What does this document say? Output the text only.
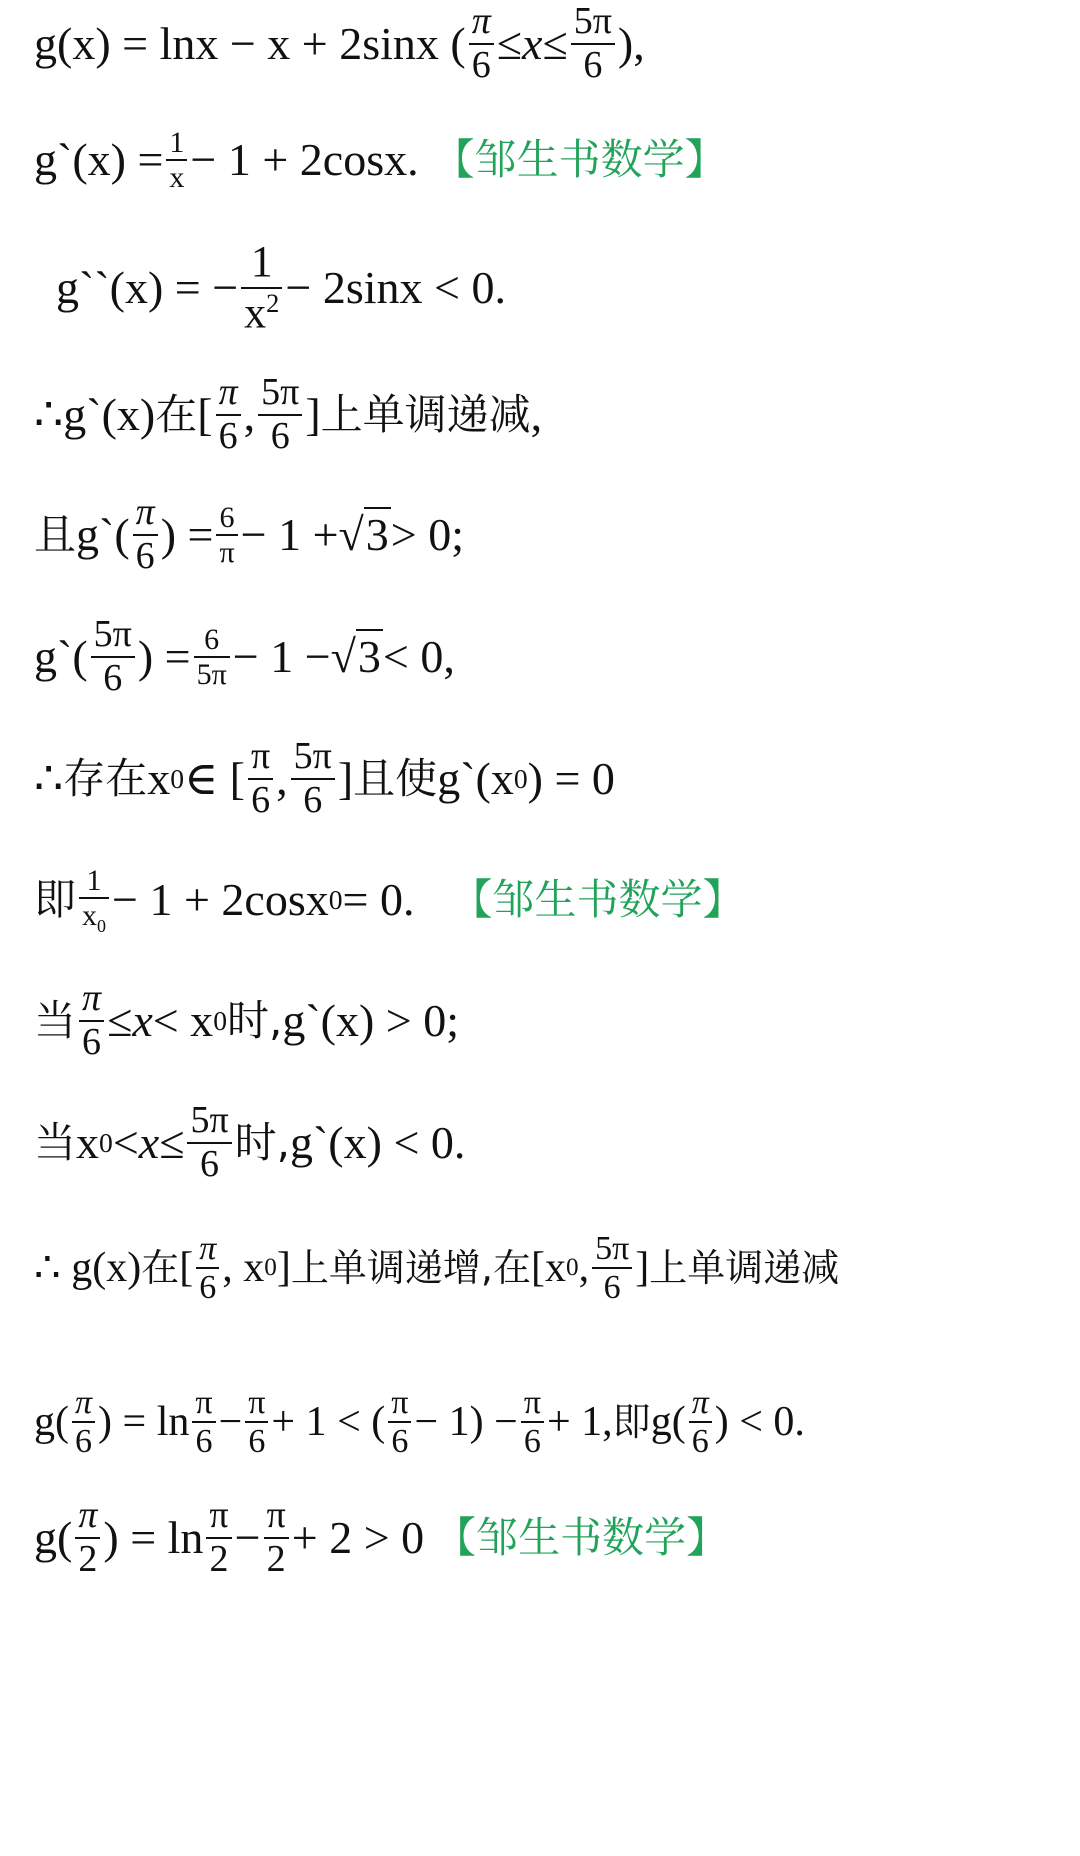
g(x) = lnx − x + 2sinx ( $\frac{\pi}{6} \le x \le \frac{5\pi}{6}$ ),
g`(x) = $\frac{1}{x} - 1 + 2\cos x$. 【邹生书数学】
g``(x) = − $\frac{1}{x^2} - 2\sin x < 0$.
∴g`(x) 在 [ $\frac{\pi}{6}$ , $\frac{5\pi}{6}$ ] 上单调递减 ,
且 g`( $\frac{\pi}{6}$ ) = $\frac{6}{\pi} - 1 + √3 > 0$;
g`( $\frac{5\pi}{6}$ ) = $\frac{6}{5\pi} - 1 - √3 < 0$,
∴ 存在 x 0 ∈ [ $\frac{\pi}{6}$ , $\frac{5\pi}{6}$ ] 且使 g`(x 0 ) = 0
即 $\frac{1}{x_0} - 1 + 2\cos x$ 0 = 0. 【邹生书数学】
当 $\frac{\pi}{6} \le x < x$ 0 时, g`(x) > 0;
当 x $0 < x \le \frac{5\pi}{6}$ 时, g`(x) < 0.
∴ g(x) 在 [ $\frac{\pi}{6}$ , x 0 ] 上单调递增, 在 [x 0 , $\frac{5\pi}{6}$ ] 上单调递减
$g( \frac{\pi}{6}$ ) = $\ln \frac{\pi}{6} - \frac{\pi}{6} + 1$ < ( $\frac{\pi}{6} - 1) - \frac{\pi}{6} + 1$, 即 $g( \frac{\pi}{6}$ ) < 0.
$g( \frac{\pi}{2}$ ) = $\ln \frac{\pi}{2} - \frac{\pi}{2} + 2 > 0$ 【邹生书数学】
